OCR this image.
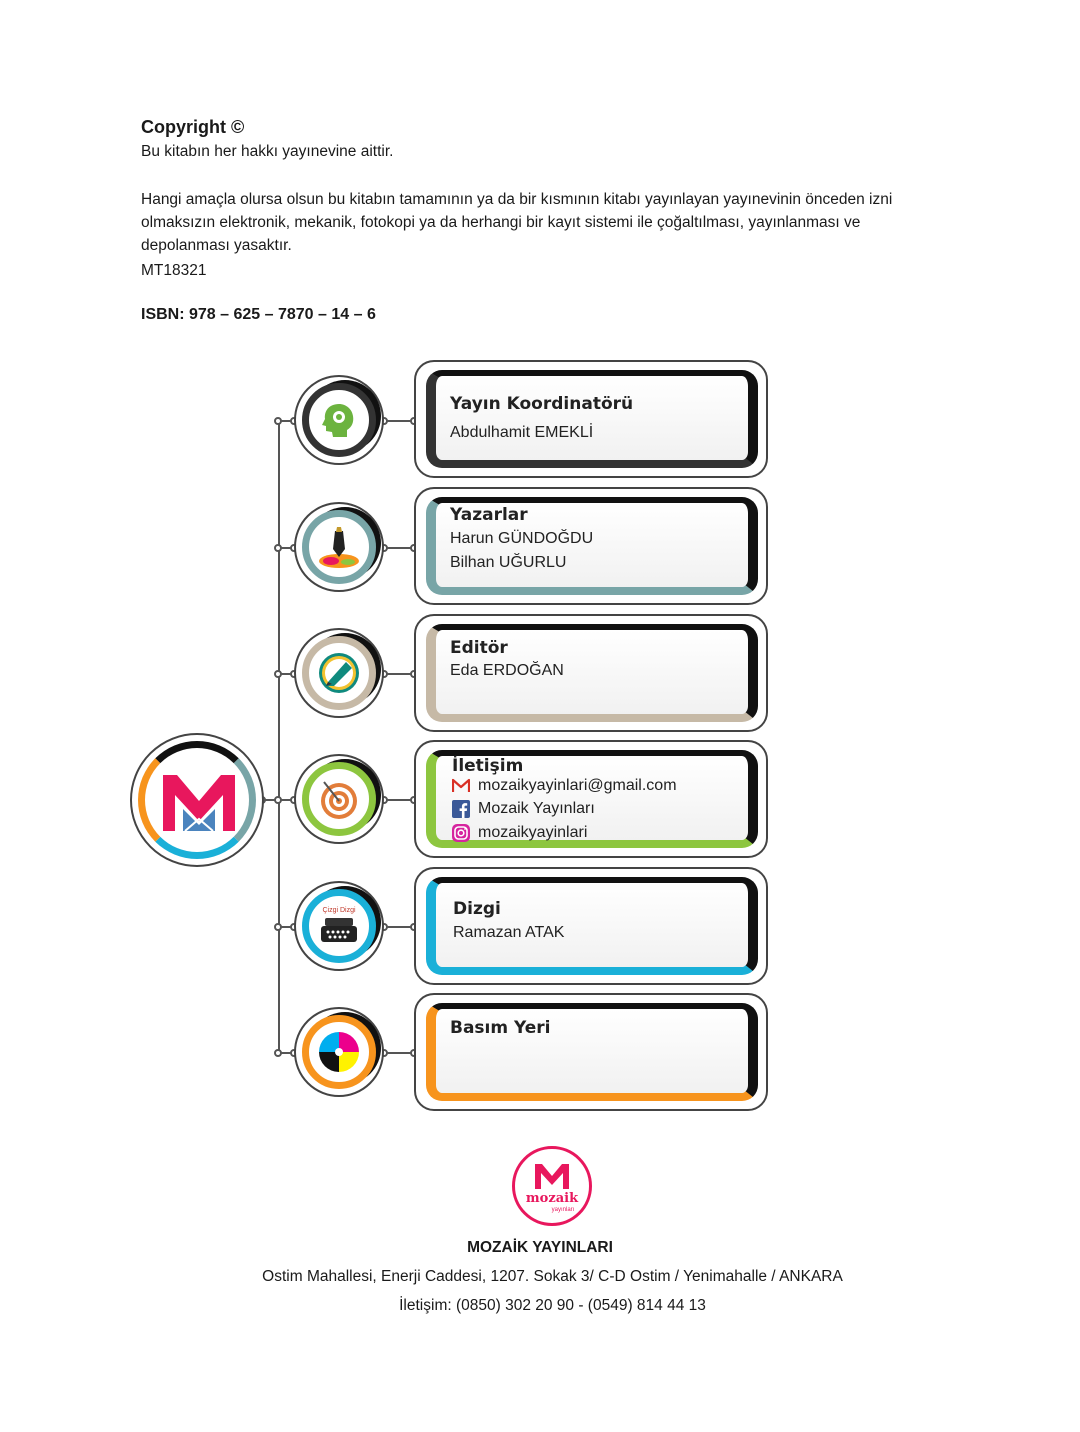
Copyright ©
Bu kitabın her hakkı yayınevine aittir.
Hangi amaçla olursa olsun bu kitabın tamamının ya da bir kısmının kitabı yayınlayan yayınevinin önceden izni olmaksızın elektronik, mekanik, fotokopi ya da herhangi bir kayıt sistemi ile çoğaltılması, yayınlanması ve depolanması yasaktır.
MT18321
ISBN: 978 – 625 – 7870 – 14 – 6
Çizgi Dizgi
Yayın Koordinatörü
Abdulhamit EMEKLİ
Yazarlar
Harun GÜNDOĞDU
Bilhan UĞURLU
Editör
Eda ERDOĞAN
İletişim
mozaikyayinlari@gmail.com
Mozaik Yayınları
mozaikyayinlari
Dizgi
Ramazan ATAK
Basım Yeri
mozaik
yayınları
MOZAİK YAYINLARI
Ostim Mahallesi, Enerji Caddesi, 1207. Sokak 3/ C-D Ostim / Yenimahalle / ANKARA
İletişim: (0850) 302 20 90 - (0549) 814 44 13
